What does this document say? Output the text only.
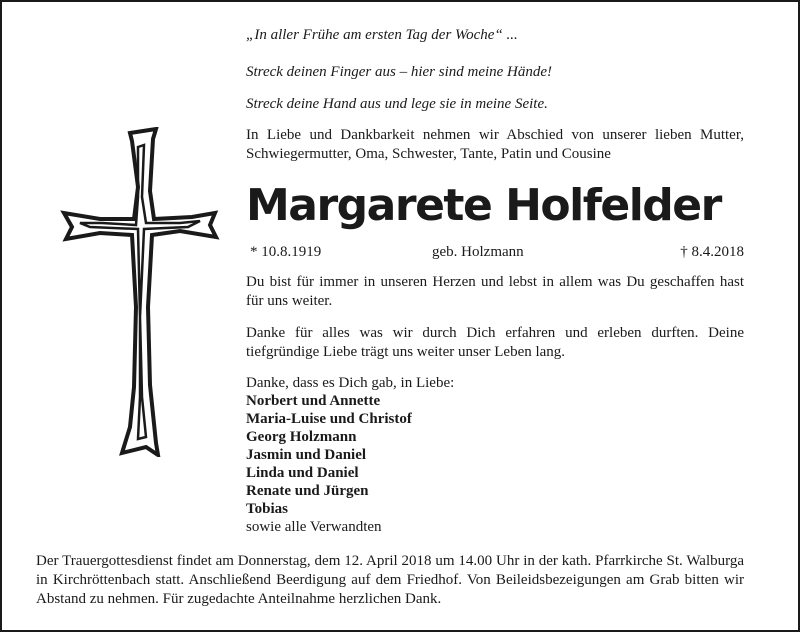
„In aller Frühe am ersten Tag der Woche“ ...
Streck deinen Finger aus – hier sind meine Hände!
Streck deine Hand aus und lege sie in meine Seite.
In Liebe und Dankbarkeit nehmen wir Abschied von unserer lieben Mutter, Schwiegermutter, Oma, Schwester, Tante, Patin und Cousine
Margarete Holfelder
* 10.8.1919	geb. Holzmann	† 8.4.2018
Du bist für immer in unseren Herzen und lebst in allem was Du geschaffen hast für uns weiter.
Danke für alles was wir durch Dich erfahren und erleben durften. Deine tiefgründige Liebe trägt uns weiter unser Leben lang.
Danke, dass es Dich gab, in Liebe:
Norbert und Annette
Maria-Luise und Christof
Georg Holzmann
Jasmin und Daniel
Linda und Daniel
Renate und Jürgen
Tobias
sowie alle Verwandten
Der Trauergottesdienst findet am Donnerstag, dem 12. April 2018 um 14.00 Uhr in der kath. Pfarrkirche St. Walburga in Kirchröttenbach statt. Anschließend Beerdigung auf dem Friedhof. Von Beileidsbezeigungen am Grab bitten wir Abstand zu nehmen. Für zugedachte Anteilnahme herzlichen Dank.
